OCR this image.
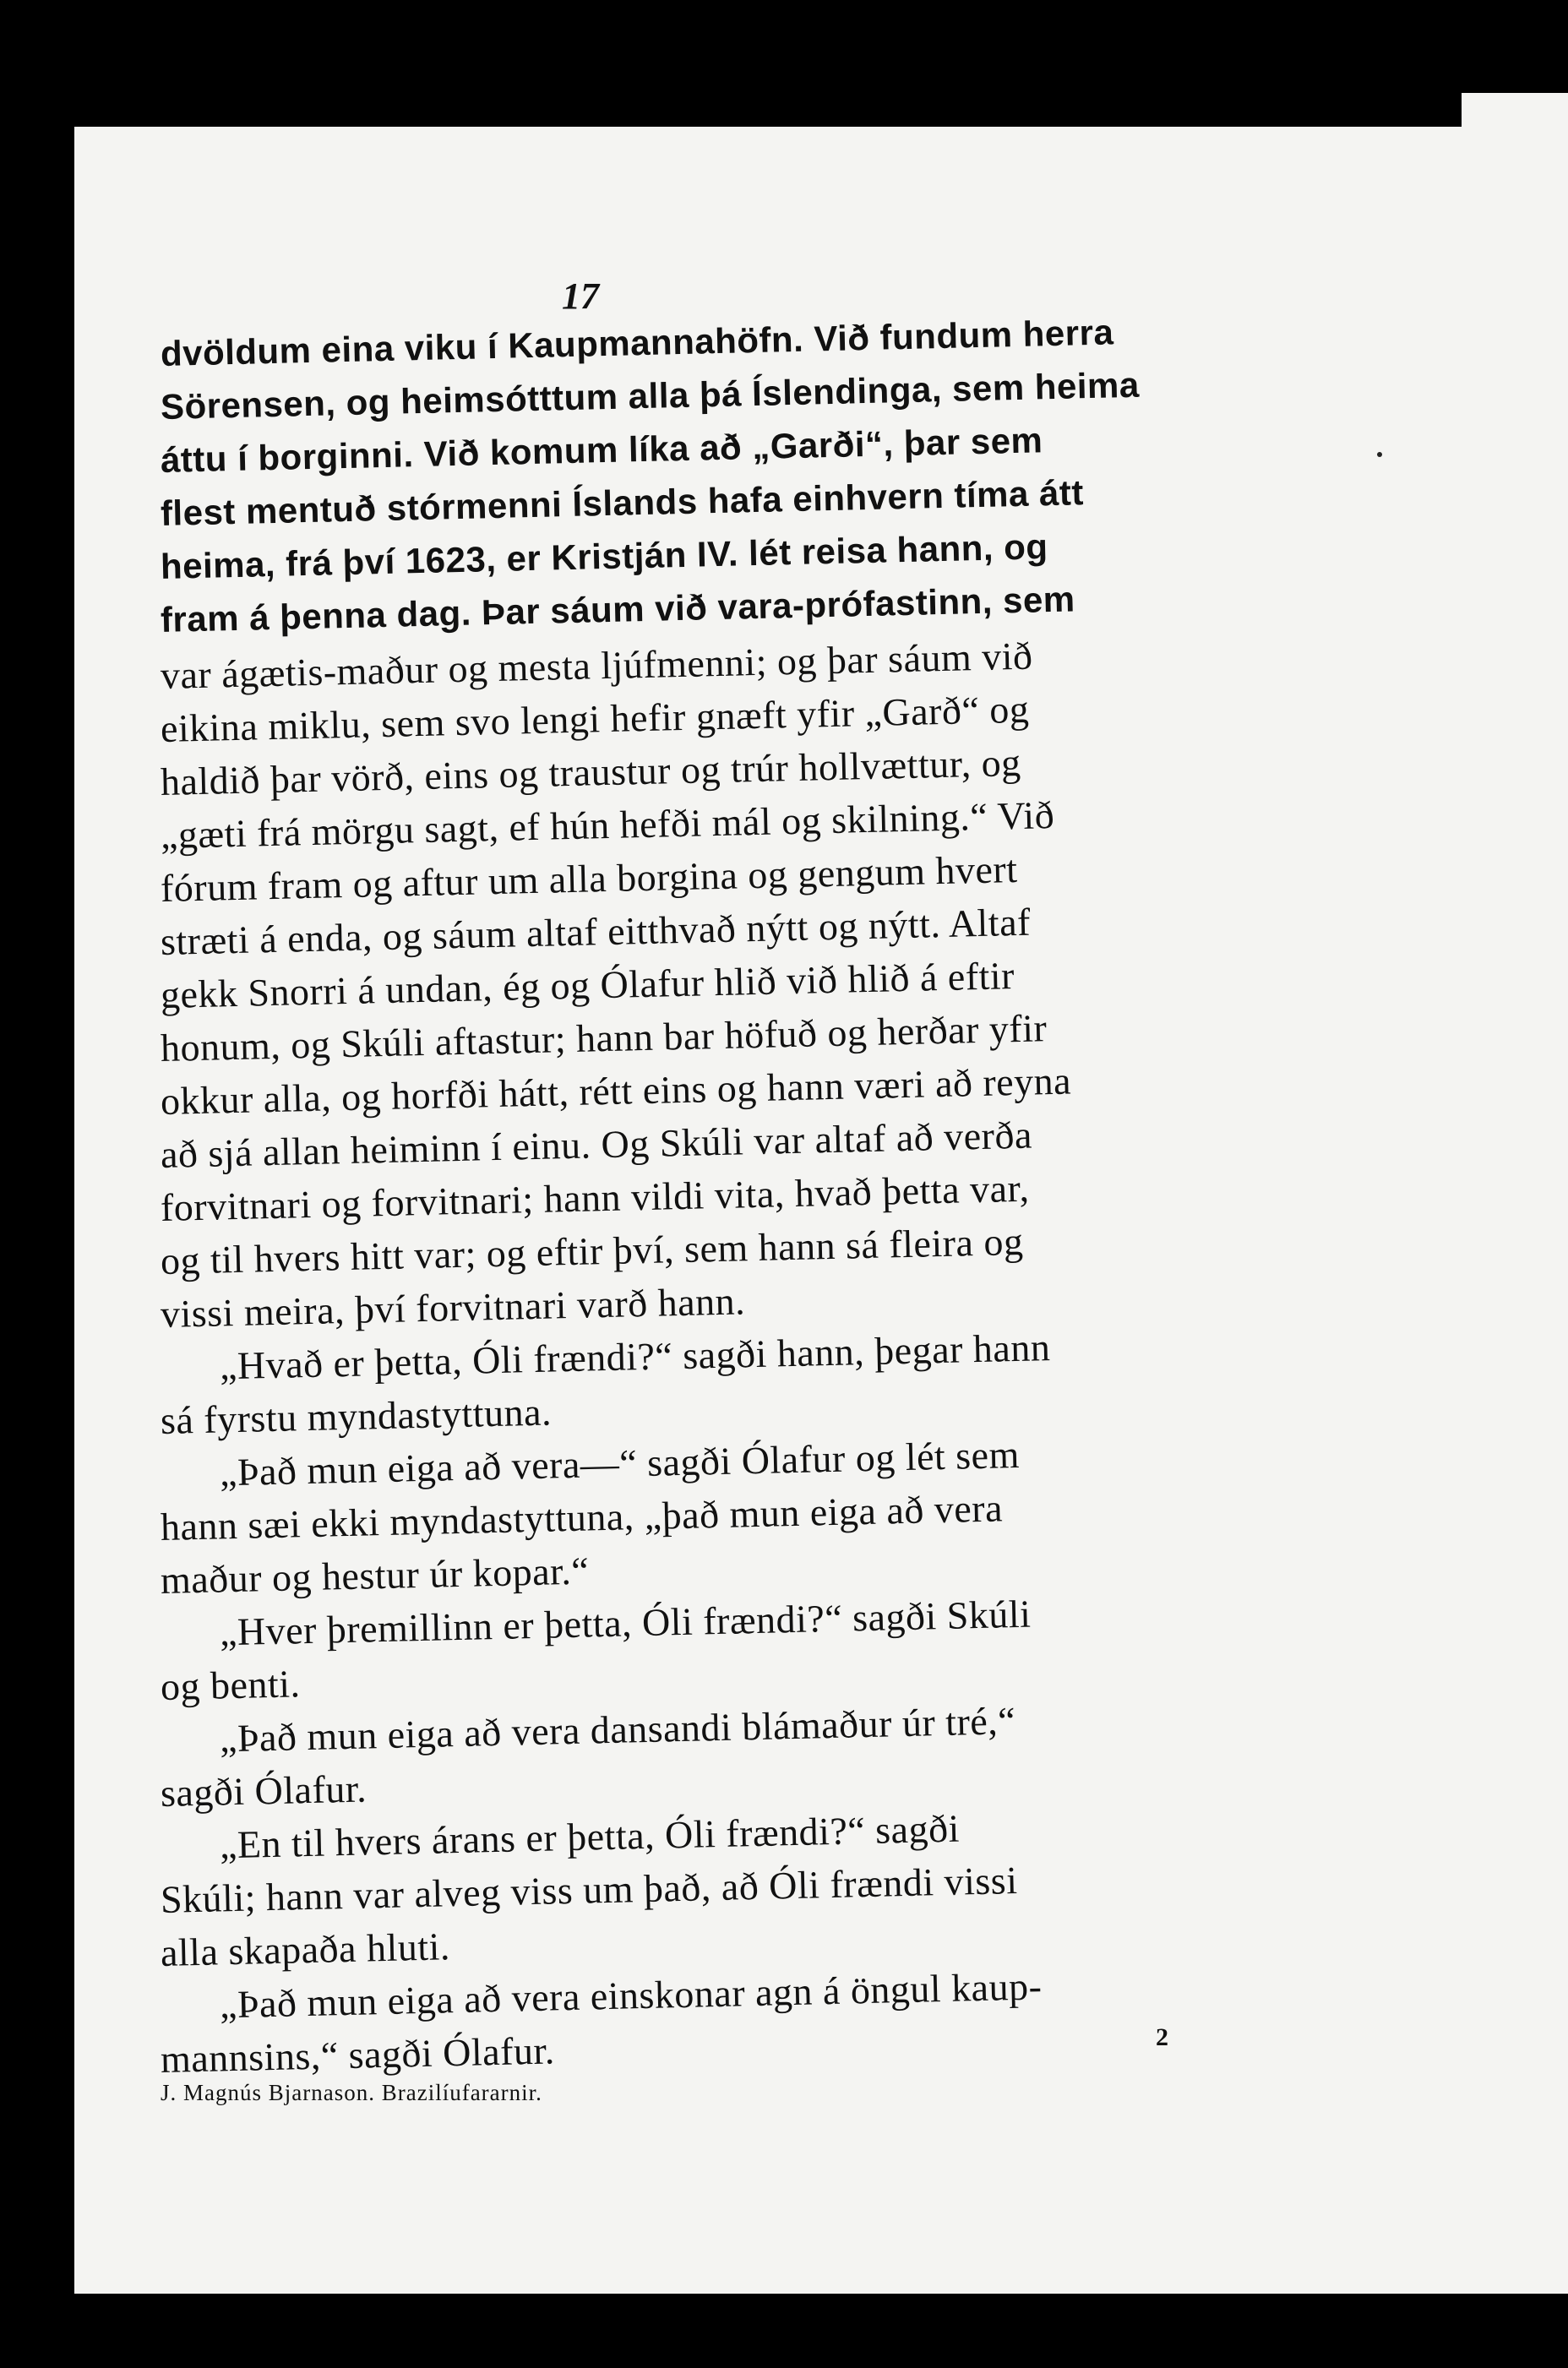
17
dvöldum eina viku í Kaupmannahöfn. Við fundum herra
Sörensen, og heimsótttum alla þá Íslendinga, sem heima
áttu í borginni. Við komum líka að „Garði“, þar sem
flest mentuð stórmenni Íslands hafa einhvern tíma átt
heima, frá því 1623, er Kristján IV. lét reisa hann, og
fram á þenna dag. Þar sáum við vara-prófastinn, sem
var ágætis-maður og mesta ljúfmenni; og þar sáum við
eikina miklu, sem svo lengi hefir gnæft yfir „Garð“ og
haldið þar vörð, eins og traustur og trúr hollvættur, og
„gæti frá mörgu sagt, ef hún hefði mál og skilning.“ Við
fórum fram og aftur um alla borgina og gengum hvert
stræti á enda, og sáum altaf eitthvað nýtt og nýtt. Altaf
gekk Snorri á undan, ég og Ólafur hlið við hlið á eftir
honum, og Skúli aftastur; hann bar höfuð og herðar yfir
okkur alla, og horfði hátt, rétt eins og hann væri að reyna
að sjá allan heiminn í einu. Og Skúli var altaf að verða
forvitnari og forvitnari; hann vildi vita, hvað þetta var,
og til hvers hitt var; og eftir því, sem hann sá fleira og
vissi meira, því forvitnari varð hann.
„Hvað er þetta, Óli frændi?“ sagði hann, þegar hann
sá fyrstu myndastyttuna.
„Það mun eiga að vera—“ sagði Ólafur og lét sem
hann sæi ekki myndastyttuna, „það mun eiga að vera
maður og hestur úr kopar.“
„Hver þremillinn er þetta, Óli frændi?“ sagði Skúli
og benti.
„Það mun eiga að vera dansandi blámaður úr tré,“
sagði Ólafur.
„En til hvers árans er þetta, Óli frændi?“ sagði
Skúli; hann var alveg viss um það, að Óli frændi vissi
alla skapaða hluti.
„Það mun eiga að vera einskonar agn á öngul kaup-
mannsins,“ sagði Ólafur.	2
J. Magnús Bjarnason. Brazilíufararnir.
